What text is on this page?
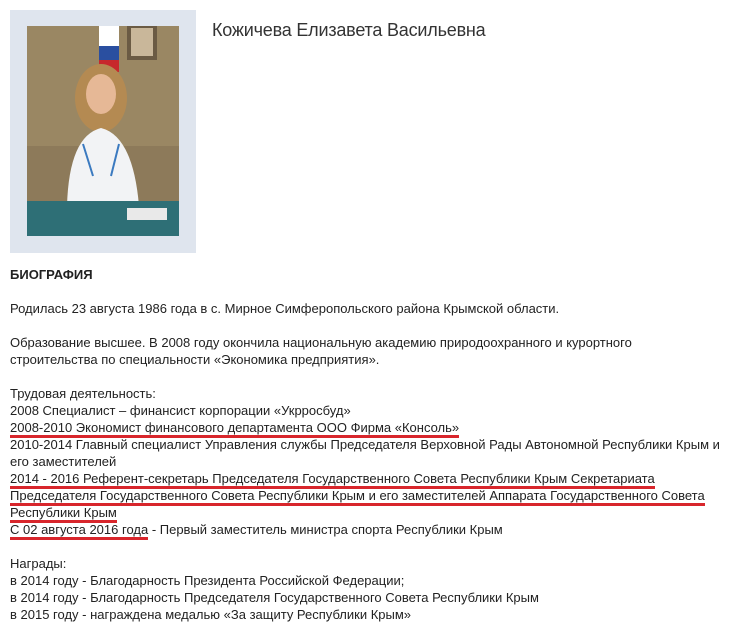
Кожичева Елизавета Васильевна
БИОГРАФИЯ

Родилась 23 августа 1986 года в с. Мирное Симферопольского района Крымской области.

Образование высшее. В 2008 году окончила национальную академию природоохранного и курортного
строительства по специальности «Экономика предприятия».

Трудовая деятельность:
2008 Специалист – финансист корпорации «Укрросбуд»
2008-2010 Экономист финансового департамента ООО Фирма «Консоль»
2010-2014 Главный специалист Управления службы Председателя Верховной Рады Автономной Республики Крым и
его заместителей
2014 - 2016 Референт-секретарь Председателя Государственного Совета Республики Крым Секретариата
Председателя Государственного Совета Республики Крым и его заместителей Аппарата Государственного Совета
Республики Крым
С 02 августа 2016 года - Первый заместитель министра спорта Республики Крым

Награды:
в 2014 году - Благодарность Президента Российской Федерации;
в 2014 году - Благодарность Председателя Государственного Совета Республики Крым
в 2015 году - награждена медалью «За защиту Республики Крым»
